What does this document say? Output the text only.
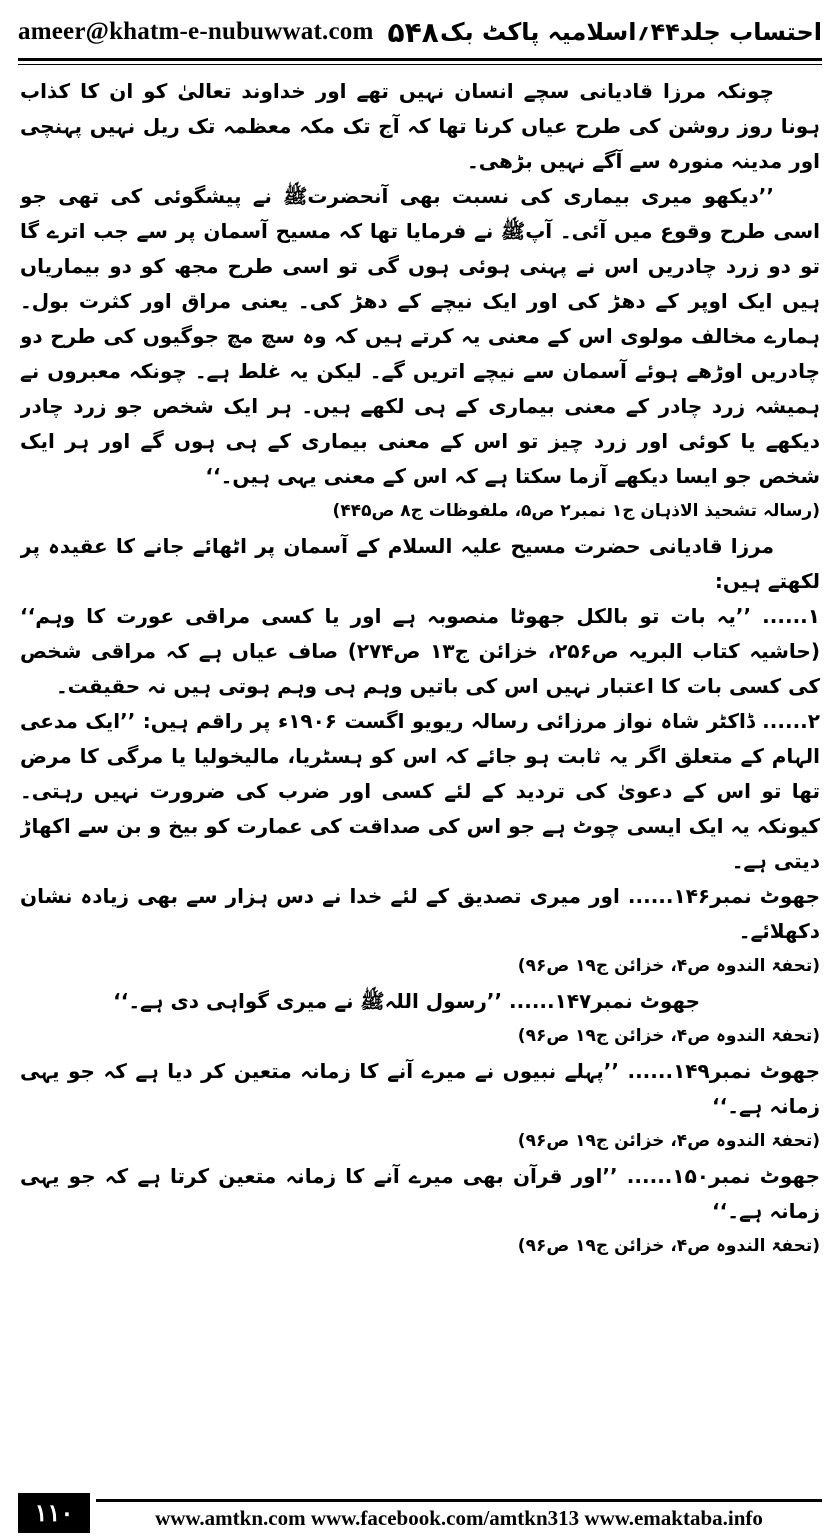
ameer@khatm-e-nubuwwat.com ۵۴۸ احتساب جلد۴۴؍اسلامیہ پاکٹ بک

چونکہ مرزا قادیانی سچے انسان نہیں تھے اور خداوند تعالیٰ کو ان کا کذاب ہونا روز روشن کی طرح عیاں کرنا تھا کہ آج تک مکہ معظمہ تک ریل نہیں پہنچی اور مدینہ منورہ سے آگے نہیں بڑھی۔

’’دیکھو میری بیماری کی نسبت بھی آنحضرتﷺ نے پیشگوئی کی تھی جو اسی طرح وقوع میں آئی۔ آپﷺ نے فرمایا تھا کہ مسیح آسمان پر سے جب اترے گا تو دو زرد چادریں اس نے پہنی ہوئی ہوں گی تو اسی طرح مجھ کو دو بیماریاں ہیں ایک اوپر کے دھڑ کی اور ایک نیچے کے دھڑ کی۔ یعنی مراق اور کثرت بول۔ ہمارے مخالف مولوی اس کے معنی یہ کرتے ہیں کہ وہ سچ مچ جوگیوں کی طرح دو چادریں اوڑھے ہوئے آسمان سے نیچے اتریں گے۔ لیکن یہ غلط ہے۔ چونکہ معبروں نے ہمیشہ زرد چادر کے معنی بیماری کے ہی لکھے ہیں۔ ہر ایک شخص جو زرد چادر دیکھے یا کوئی اور زرد چیز تو اس کے معنی بیماری کے ہی ہوں گے اور ہر ایک شخص جو ایسا دیکھے آزما سکتا ہے کہ اس کے معنی یہی ہیں۔‘‘

(رسالہ تشحیذ الاذہان ج۱ نمبر۲ ص۵، ملفوظات ج۸ ص۴۴۵)

مرزا قادیانی حضرت مسیح علیہ السلام کے آسمان پر اٹھائے جانے کا عقیدہ پر لکھتے ہیں:

۱...... ’’یہ بات تو بالکل جھوٹا منصوبہ ہے اور یا کسی مراقی عورت کا وہم‘‘ (حاشیہ کتاب البریہ ص۲۵۶، خزائن ج۱۳ ص۲۷۴) صاف عیاں ہے کہ مراقی شخص کی کسی بات کا اعتبار نہیں اس کی باتیں وہم ہی وہم ہوتی ہیں نہ حقیقت۔

۲...... ڈاکٹر شاہ نواز مرزائی رسالہ ریویو اگست ۱۹۰۶ء پر راقم ہیں: ’’ایک مدعی الہام کے متعلق اگر یہ ثابت ہو جائے کہ اس کو ہسٹریا، مالیخولیا یا مرگی کا مرض تھا تو اس کے دعویٰ کی تردید کے لئے کسی اور ضرب کی ضرورت نہیں رہتی۔ کیونکہ یہ ایک ایسی چوٹ ہے جو اس کی صداقت کی عمارت کو بیخ و بن سے اکھاڑ دیتی ہے۔

جھوٹ نمبر۱۴۶...... اور میری تصدیق کے لئے خدا نے دس ہزار سے بھی زیادہ نشان دکھلائے۔

(تحفۃ الندوہ ص۴، خزائن ج۱۹ ص۹۶)

جھوٹ نمبر۱۴۷...... ’’رسول اللہﷺ نے میری گواہی دی ہے۔‘‘

(تحفۃ الندوہ ص۴، خزائن ج۱۹ ص۹۶)

جھوٹ نمبر۱۴۹...... ’’پہلے نبیوں نے میرے آنے کا زمانہ متعین کر دیا ہے کہ جو یہی زمانہ ہے۔‘‘

(تحفۃ الندوہ ص۴، خزائن ج۱۹ ص۹۶)

جھوٹ نمبر۱۵۰...... ’’اور قرآن بھی میرے آنے کا زمانہ متعین کرتا ہے کہ جو یہی زمانہ ہے۔‘‘

(تحفۃ الندوہ ص۴، خزائن ج۱۹ ص۹۶)

۱۱۰	www.amtkn.com www.facebook.com/amtkn313 www.emaktaba.info
